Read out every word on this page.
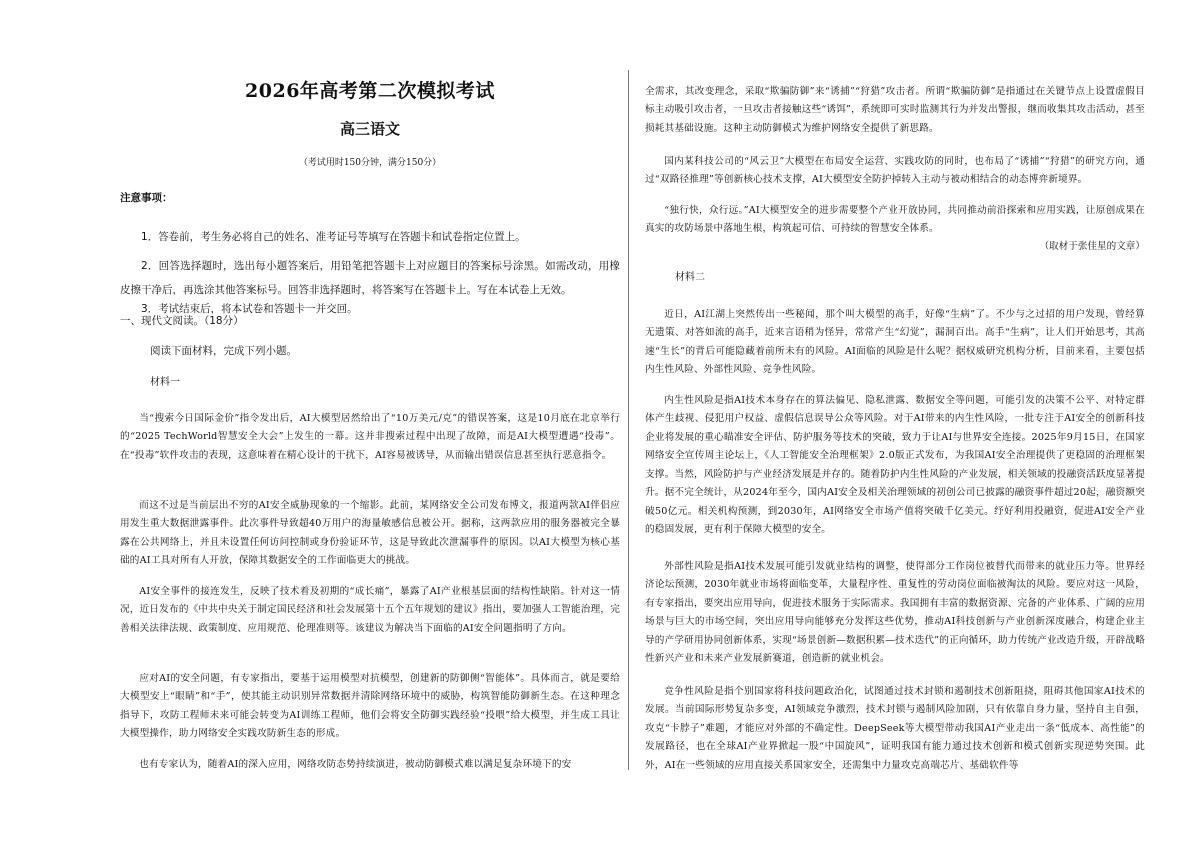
2026年高考第二次模拟考试
高三语文
（考试用时150分钟，满分150分）
注意事项：

1．答卷前，考生务必将自己的姓名、准考证号等填写在答题卡和试卷指定位置上。

2．回答选择题时，选出每小题答案后，用铅笔把答题卡上对应题目的答案标号涂黑。如需改动，用橡皮擦干净后，再选涂其他答案标号。回答非选择题时，将答案写在答题卡上。写在本试卷上无效。

3．考试结束后，将本试卷和答题卡一并交回。

一、现代文阅读。（18分）
阅读下面材料，完成下列小题。
材料一

当“搜索今日国际金价”指令发出后，AI大模型居然给出了“10万美元/克”的错误答案，这是10月底在北京举行的“2025 TechWorld智慧安全大会”上发生的一幕。这并非搜索过程中出现了故障，而是AI大模型遭遇“投毒”。在“投毒”软件攻击的表现，这意味着在精心设计的干扰下，AI容易被诱导，从而输出错误信息甚至执行恶意指令。

而这不过是当前层出不穷的AI安全威胁现象的一个缩影。此前，某网络安全公司发布博文，报道两款AI伴侣应用发生重大数据泄露事件。此次事件导致超40万用户的海量敏感信息被公开。据称，这两款应用的服务器被完全暴露在公共网络上，并且未设置任何访问控制或身份验证环节，这是导致此次泄漏事件的原因。以AI大模型为核心基础的AI工具对所有人开放，保障其数据安全的工作面临更大的挑战。

AI安全事件的接连发生，反映了技术着及初期的“成长痛”，暴露了AI产业根基层面的结构性缺陷。针对这一情况，近日发布的《中共中央关于制定国民经济和社会发展第十五个五年规划的建议》指出，要加强人工智能治理，完善相关法律法规、政策制度、应用规范、伦理准则等。该建议为解决当下面临的AI安全问题指明了方向。

应对AI的安全问题，有专家指出，要基于运用模型对抗模型，创建新的防御侧“智能体”。具体而言，就是要给大模型安上“眼睛”和“手”，使其能主动识别异常数据并清除网络环境中的威胁，构筑智能防御新生态。在这种理念指导下，攻防工程师未来可能会转变为AI训练工程师，他们会将安全防御实践经验“投喂”给大模型，并生成工具让大模型操作，助力网络安全实践攻防新生态的形成。

也有专家认为，随着AI的深入应用，网络攻防态势持续演进，被动防御模式难以满足复杂环境下的安

全需求，其改变理念，采取“欺骗防御”来“诱捕”“狩猎”攻击者。所谓“欺骗防御”是指通过在关键节点上设置虚假目标主动吸引攻击者，一旦攻击者接触这些“诱饵”，系统即可实时监测其行为并发出警报，继而收集其攻击活动，甚至损耗其基础设施。这种主动防御模式为维护网络安全提供了新思路。

国内某科技公司的“风云卫”大模型在布局安全运营、实践攻防的同时，也布局了“诱捕”“狩猎”的研究方向，通过“双路径推理”等创新核心技术支撑，AI大模型安全防护掉转入主动与被动相结合的动态博弈新境界。

“独行快，众行远。”AI大模型安全的进步需要整个产业开放协同，共同推动前沿探索和应用实践，让原创成果在真实的攻防场景中落地生根，构筑起可信、可持续的智慧安全体系。

（取材于张佳星的文章）
材料二

近日，AI江湖上突然传出一些秘闻，那个叫大模型的高手，好像“生病”了。不少与之过招的用户发现，曾经算无遗策、对答如流的高手，近来言语稍为怪异，常常产生“幻觉”，漏洞百出。高手“生病”，让人们开始思考，其高速“生长”的背后可能隐藏着前所未有的风险。AI面临的风险是什么呢？据权威研究机构分析，目前来看，主要包括内生性风险、外部性风险、竞争性风险。

内生性风险是指AI技术本身存在的算法偏见、隐私泄露、数据安全等问题，可能引发的决策不公平、对特定群体产生歧视、侵犯用户权益、虚假信息误导公众等风险。对于AI带来的内生性风险，一批专注于AI安全的创新科技企业将发展的重心瞄准安全评估、防护服务等技术的突破，致力于让AI与世界安全连接。2025年9月15日，在国家网络安全宣传周主论坛上，《人工智能安全治理框架》2.0版正式发布，为我国AI安全治理提供了更稳固的治理框架支撑。当然，风险防护与产业经济发展是并存的。随着防护内生性风险的产业发展，相关领域的投融资活跃度显著提升。据不完全统计，从2024年至今，国内AI安全及相关治理领域的初创公司已披露的融资事件超过20起，融资额突破50亿元。相关机构预测，到2030年，AI网络安全市场产值将突破千亿美元。纾好利用投融资，促进AI安全产业的稳固发展，更有利于保障大模型的安全。

外部性风险是指AI技术发展可能引发就业结构的调整，使得部分工作岗位被替代而带来的就业压力等。世界经济论坛预测，2030年就业市场将面临变革，大量程序性、重复性的劳动岗位面临被淘汰的风险。要应对这一风险，有专家指出，要突出应用导向，促进技术服务于实际需求。我国拥有丰富的数据资源、完备的产业体系、广阔的应用场景与巨大的市场空间，突出应用导向能够充分发挥这些优势，推动AI科技创新与产业创新深度融合，构建企业主导的产学研用协同创新体系，实现“场景创新—数据积累—技术迭代”的正向循环，助力传统产业改造升级，开辟战略性新兴产业和未来产业发展新赛道，创造新的就业机会。

竞争性风险是指个别国家将科技问题政治化，试图通过技术封锁和遏制技术创新阻挠，阻碍其他国家AI技术的发展。当前国际形势复杂多变，AI领域竞争激烈，技术封锁与遏制风险加剧，只有依靠自身力量，坚持自主自强，攻克“卡脖子”难题，才能应对外部的不确定性。DeepSeek等大模型带动我国AI产业走出一条“低成本、高性能”的发展路径，也在全球AI产业界掀起一股“中国旋风”，证明我国有能力通过技术创新和模式创新实现逆势突围。此外，AI在一些领域的应用直接关系国家安全，还需集中力量攻克高端芯片、基础软件等
